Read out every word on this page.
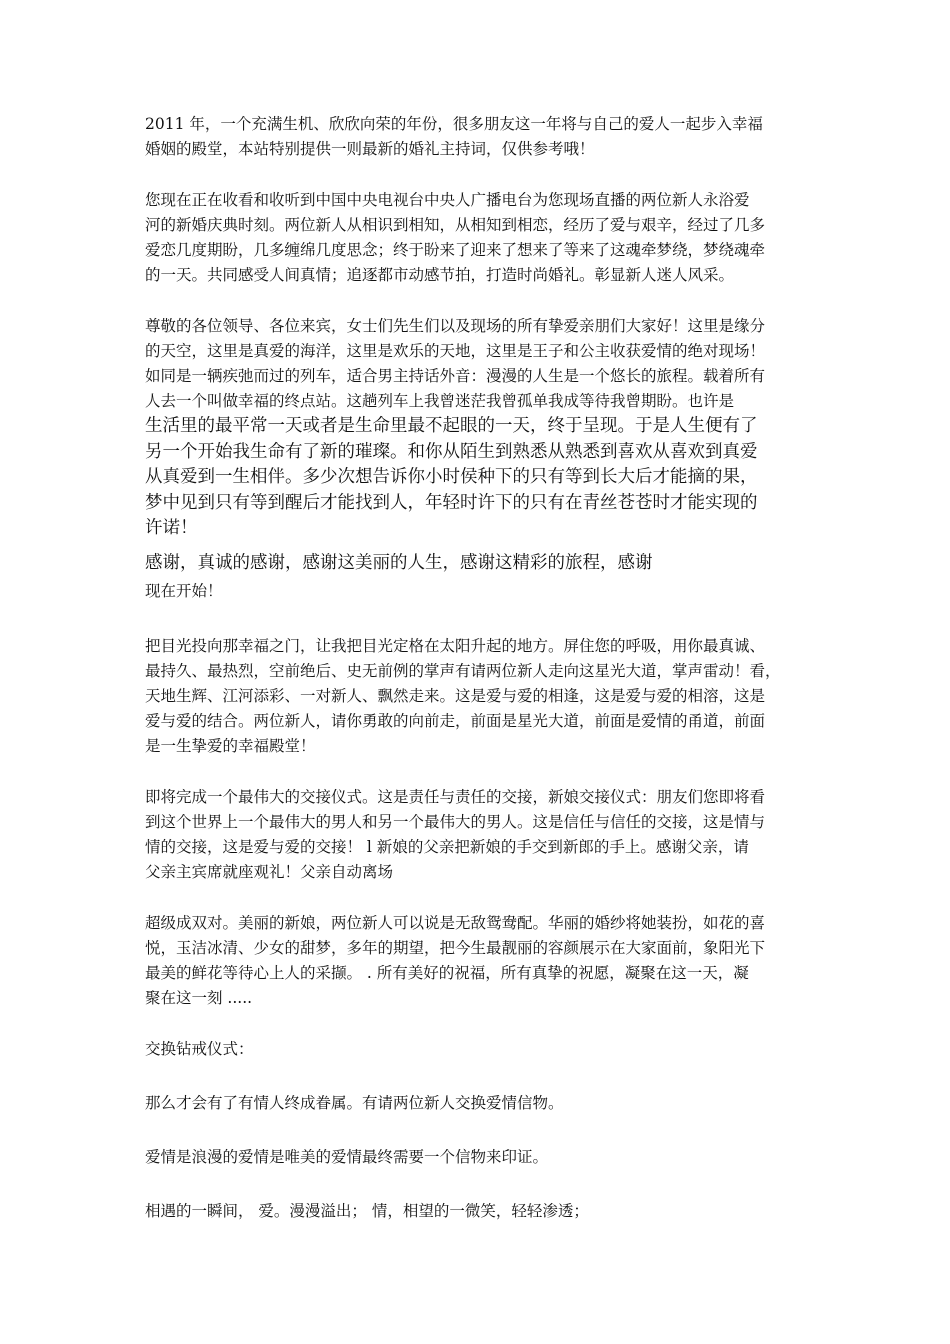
2011 年，一个充满生机、欣欣向荣的年份，很多朋友这一年将与自己的爱人一起步入幸福
婚姻的殿堂，本站特别提供一则最新的婚礼主持词，仅供参考哦！

您现在正在收看和收听到中国中央电视台中央人广播电台为您现场直播的两位新人永浴爱
河的新婚庆典时刻。两位新人从相识到相知，从相知到相恋，经历了爱与艰辛，经过了几多
爱恋几度期盼，几多缠绵几度思念；终于盼来了迎来了想来了等来了这魂牵梦绕，梦绕魂牵
的一天。共同感受人间真情；追逐都市动感节拍，打造时尚婚礼。彰显新人迷人风采。

尊敬的各位领导、各位来宾，女士们先生们以及现场的所有挚爱亲朋们大家好！这里是缘分
的天空，这里是真爱的海洋，这里是欢乐的天地，这里是王子和公主收获爱情的绝对现场！
如同是一辆疾弛而过的列车，适合男主持话外音：漫漫的人生是一个悠长的旅程。载着所有
人去一个叫做幸福的终点站。这趟列车上我曾迷茫我曾孤单我成等待我曾期盼。也许是
生活里的最平常一天或者是生命里最不起眼的一天，终于呈现。于是人生便有了
另一个开始我生命有了新的璀璨。和你从陌生到熟悉从熟悉到喜欢从喜欢到真爱
从真爱到一生相伴。多少次想告诉你小时侯种下的只有等到长大后才能摘的果，
梦中见到只有等到醒后才能找到人，年轻时许下的只有在青丝苍苍时才能实现的
许诺！

感谢，真诚的感谢，感谢这美丽的人生，感谢这精彩的旅程，感谢
现在开始！

把目光投向那幸福之门，让我把目光定格在太阳升起的地方。屏住您的呼吸，用你最真诚、
最持久、最热烈，空前绝后、史无前例的掌声有请两位新人走向这星光大道，掌声雷动！看，
天地生辉、江河添彩、一对新人、飘然走来。这是爱与爱的相逢，这是爱与爱的相溶，这是
爱与爱的结合。两位新人，请你勇敢的向前走，前面是星光大道，前面是爱情的甬道，前面
是一生挚爱的幸福殿堂！

即将完成一个最伟大的交接仪式。这是责任与责任的交接，新娘交接仪式：朋友们您即将看
到这个世界上一个最伟大的男人和另一个最伟大的男人。这是信任与信任的交接，这是情与
情的交接，这是爱与爱的交接！ l 新娘的父亲把新娘的手交到新郎的手上。感谢父亲，请
父亲主宾席就座观礼！父亲自动离场

超级成双对。美丽的新娘，两位新人可以说是无敌鸳鸯配。华丽的婚纱将她装扮，如花的喜
悦，玉洁冰清、少女的甜梦，多年的期望，把今生最靓丽的容颜展示在大家面前，象阳光下
最美的鲜花等待心上人的采撷。 . 所有美好的祝福，所有真挚的祝愿，凝聚在这一天，凝
聚在这一刻 .....

交换钻戒仪式：

那么才会有了有情人终成眷属。有请两位新人交换爱情信物。

爱情是浪漫的爱情是唯美的爱情最终需要一个信物来印证。

相遇的一瞬间， 爱。漫漫溢出； 情，相望的一微笑，轻轻渗透；
